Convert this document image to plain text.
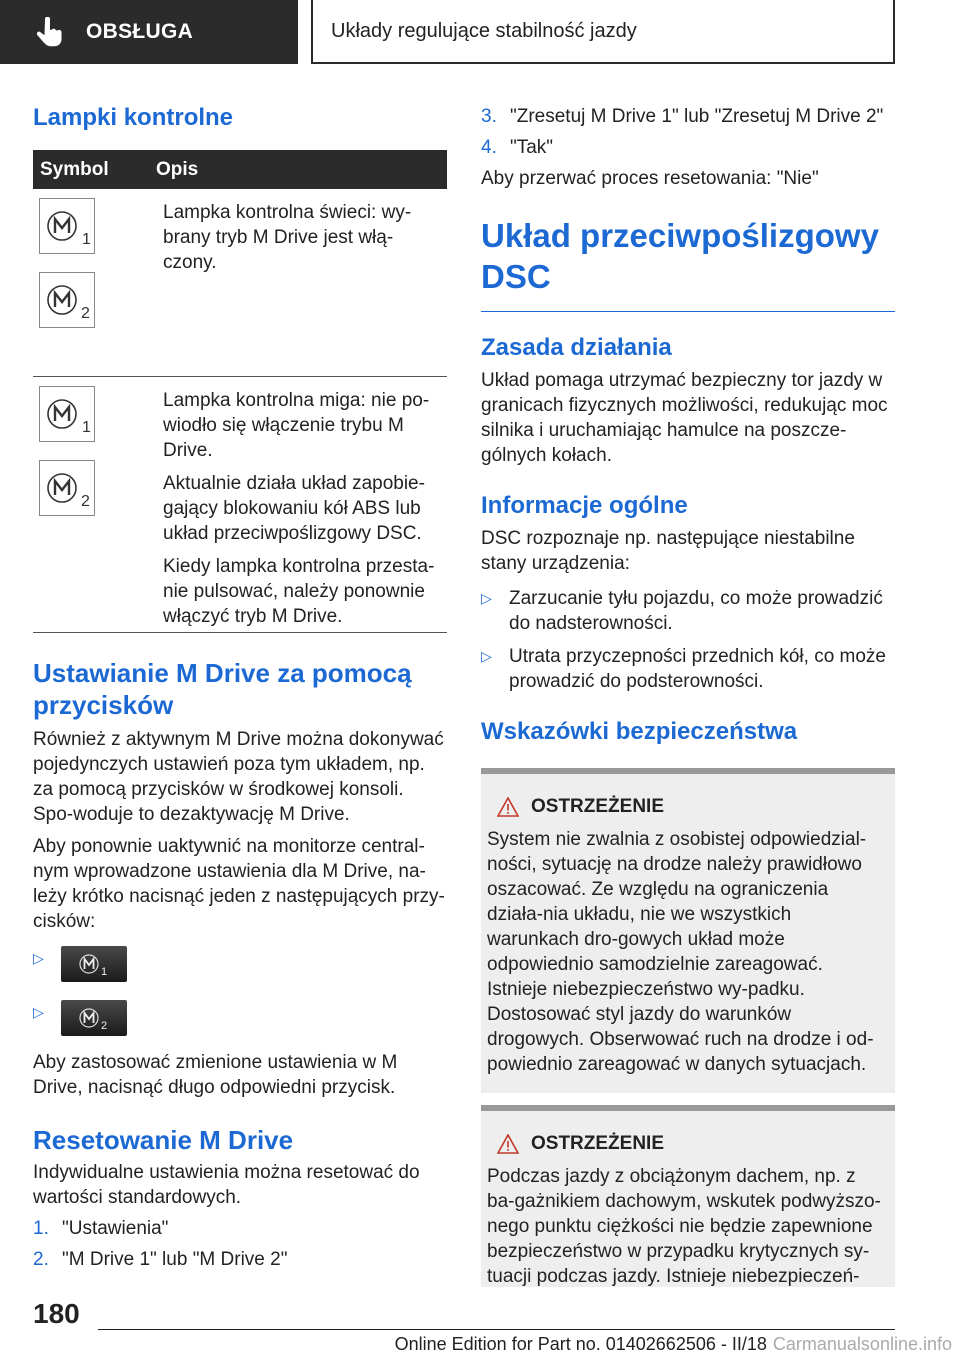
OBSŁUGA	Układy regulujące stabilność jazdy
Lampki kontrolne
Symbol	Opis
1
2

Lampka kontrolna świeci: wy-brany tryb M Drive jest włą-czony.

1
2

Lampka kontrolna miga: nie po-wiodło się włączenie trybu M Drive.

Aktualnie działa układ zapobie-gający blokowaniu kół ABS lub układ przeciwpoślizgowy DSC.

Kiedy lampka kontrolna przesta-nie pulsować, należy ponownie włączyć tryb M Drive.

Ustawianie M Drive za pomocą przycisków

Również z aktywnym M Drive można dokonywać pojedynczych ustawień poza tym układem, np. za pomocą przycisków w środkowej konsoli. Spo-woduje to dezaktywację M Drive.

Aby ponownie uaktywnić na monitorze central-nym wprowadzone ustawienia dla M Drive, na-leży krótko nacisnąć jeden z następujących przy-cisków:

▷
1
▷
2

Aby zastosować zmienione ustawienia w M Drive, nacisnąć długo odpowiedni przycisk.

Resetowanie M Drive

Indywidualne ustawienia można resetować do wartości standardowych.

1. "Ustawienia"
2. "M Drive 1" lub "M Drive 2"
3. "Zresetuj M Drive 1" lub "Zresetuj M Drive 2"
4. "Tak"

Aby przerwać proces resetowania: "Nie"

Układ przeciwpoślizgowy DSC
Zasada działania

Układ pomaga utrzymać bezpieczny tor jazdy w granicach fizycznych możliwości, redukując moc silnika i uruchamiając hamulce na poszcze-gólnych kołach.

Informacje ogólne

DSC rozpoznaje np. następujące niestabilne stany urządzenia:

▷ Zarzucanie tyłu pojazdu, co może prowadzić do nadsterowności.
▷ Utrata przyczepności przednich kół, co może prowadzić do podsterowności.
Wskazówki bezpieczeństwa
OSTRZEŻENIE

System nie zwalnia z osobistej odpowiedzial-ności, sytuację na drodze należy prawidłowo oszacować. Ze względu na ograniczenia działa-nia układu, nie we wszystkich warunkach dro-gowych układ może odpowiednio samodzielnie zareagować. Istnieje niebezpieczeństwo wy-padku. Dostosować styl jazdy do warunków drogowych. Obserwować ruch na drodze i od-powiednio zareagować w danych sytuacjach.

OSTRZEŻENIE

Podczas jazdy z obciążonym dachem, np. z ba-gażnikiem dachowym, wskutek podwyższo-nego punktu ciężkości nie będzie zapewnione bezpieczeństwo w przypadku krytycznych sy-tuacji podczas jazdy. Istnieje niebezpieczeń-

180
Online Edition for Part no. 01402662506 - II/18 Carmanualsonline.info
